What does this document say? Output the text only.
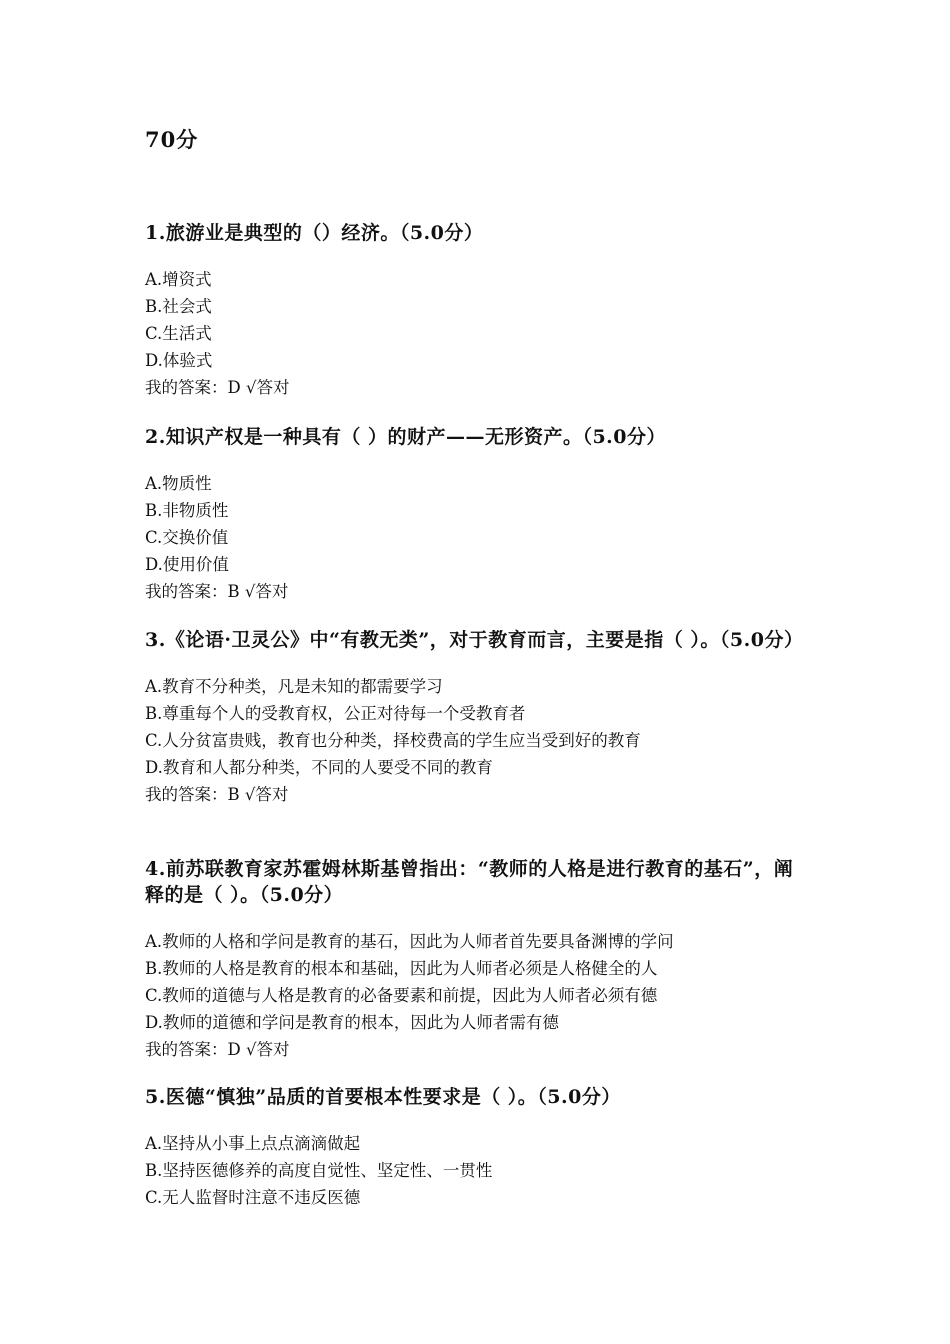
70分

1.旅游业是典型的（）经济。（5.0分）

A.增资式

B.社会式

C.生活式

D.体验式

我的答案：D √答对

2.知识产权是一种具有（ ）的财产——无形资产。（5.0分）

A.物质性

B.非物质性

C.交换价值

D.使用价值

我的答案：B √答对

3.《论语·卫灵公》中“有教无类”，对于教育而言，主要是指（ ）。（5.0分）

A.教育不分种类，凡是未知的都需要学习

B.尊重每个人的受教育权，公正对待每一个受教育者

C.人分贫富贵贱，教育也分种类，择校费高的学生应当受到好的教育

D.教育和人都分种类，不同的人要受不同的教育

我的答案：B √答对

4.前苏联教育家苏霍姆林斯基曾指出：“教师的人格是进行教育的基石”，阐释的是（ ）。（5.0分）

A.教师的人格和学问是教育的基石，因此为人师者首先要具备渊博的学问

B.教师的人格是教育的根本和基础，因此为人师者必须是人格健全的人

C.教师的道德与人格是教育的必备要素和前提，因此为人师者必须有德

D.教师的道德和学问是教育的根本，因此为人师者需有德

我的答案：D √答对

5.医德“慎独”品质的首要根本性要求是（ ）。（5.0分）

A.坚持从小事上点点滴滴做起

B.坚持医德修养的高度自觉性、坚定性、一贯性

C.无人监督时注意不违反医德
